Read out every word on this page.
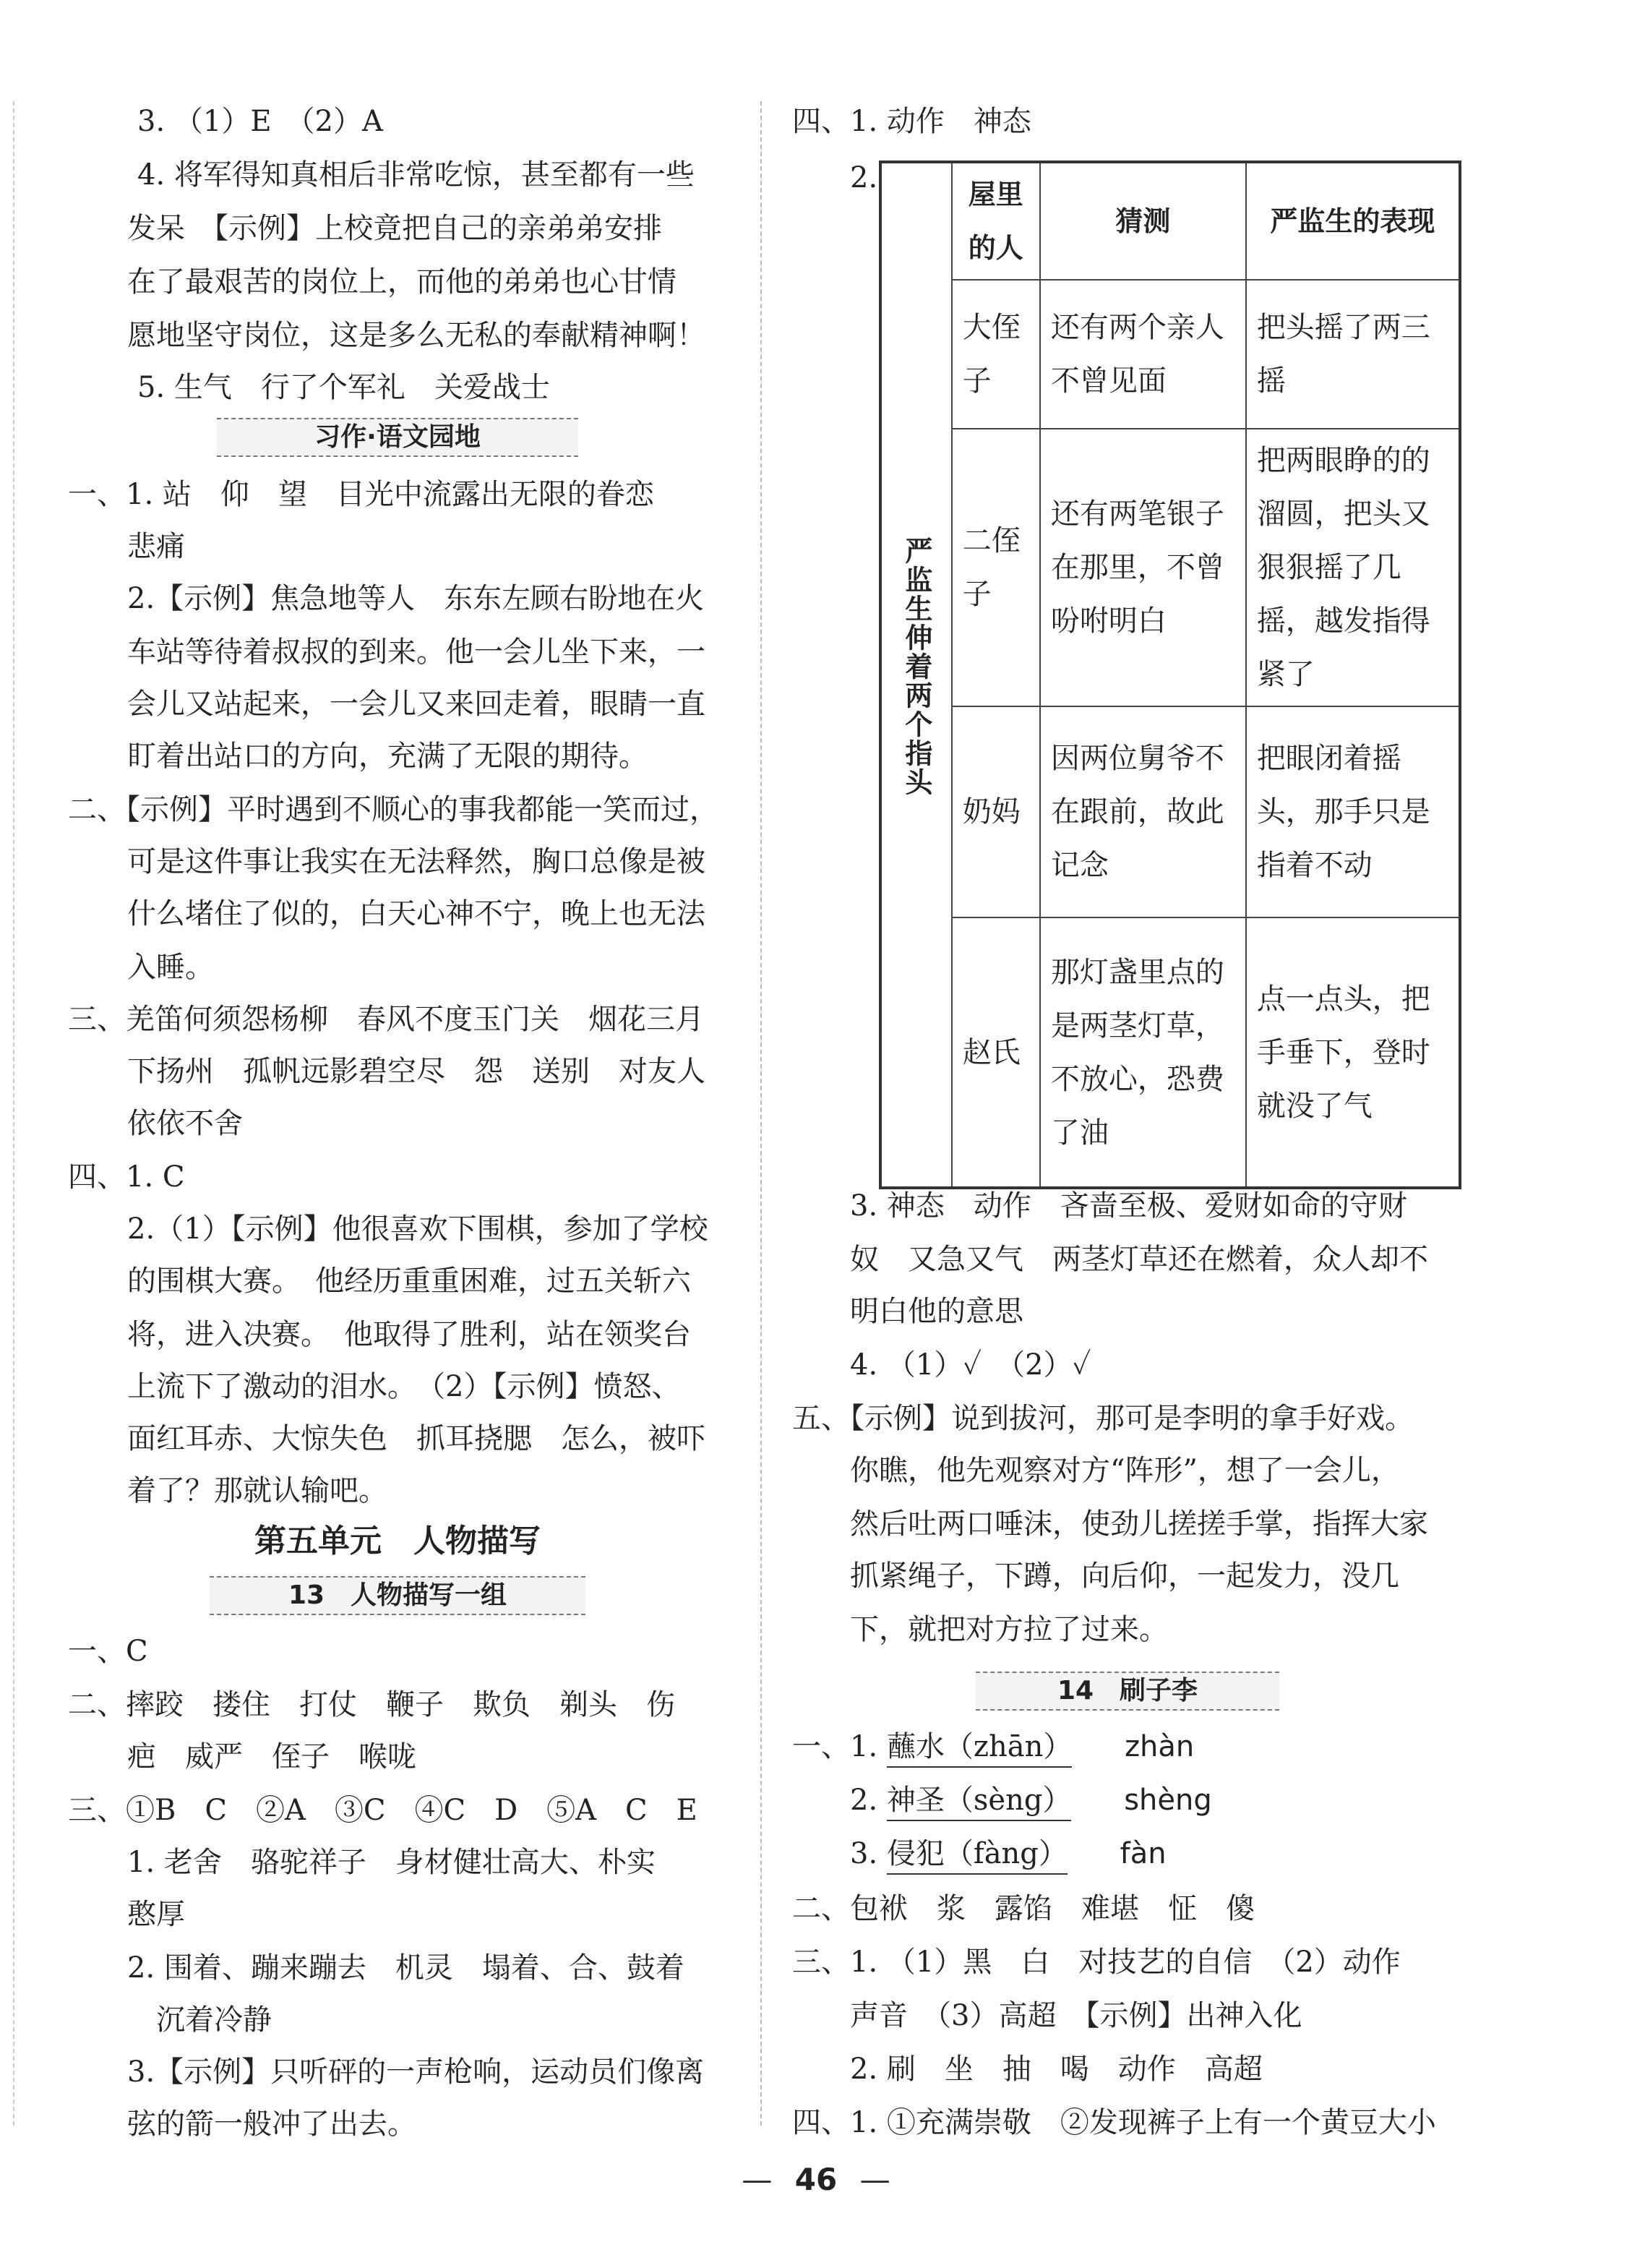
3. （1）E　（2）A
4. 将军得知真相后非常吃惊，甚至都有一些
发呆　【示例】上校竟把自己的亲弟弟安排
在了最艰苦的岗位上，而他的弟弟也心甘情
愿地坚守岗位，这是多么无私的奉献精神啊！
5. 生气　行了个军礼　关爱战士
习作·语文园地
一、1. 站　仰　望　目光中流露出无限的眷恋
悲痛
2.【示例】焦急地等人　东东左顾右盼地在火
车站等待着叔叔的到来。他一会儿坐下来，一
会儿又站起来，一会儿又来回走着，眼睛一直
盯着出站口的方向，充满了无限的期待。
二、【示例】平时遇到不顺心的事我都能一笑而过，
可是这件事让我实在无法释然，胸口总像是被
什么堵住了似的，白天心神不宁，晚上也无法
入睡。
三、羌笛何须怨杨柳　春风不度玉门关　烟花三月
下扬州　孤帆远影碧空尽　怨　送别　对友人
依依不舍
四、1. C
2.（1）【示例】他很喜欢下围棋，参加了学校
的围棋大赛。　他经历重重困难，过五关斩六
将，进入决赛。　他取得了胜利，站在领奖台
上流下了激动的泪水。　（2）【示例】愤怒、
面红耳赤、大惊失色　抓耳挠腮　怎么，被吓
着了？那就认输吧。
第五单元　人物描写
13　人物描写一组
一、C
二、摔跤　搂住　打仗　鞭子　欺负　剃头　伤
疤　威严　侄子　喉咙
三、①B　C　②A　③C　④C　D　⑤A　C　E
1. 老舍　骆驼祥子　身材健壮高大、朴实
憨厚
2. 围着、蹦来蹦去　机灵　塌着、合、鼓着
沉着冷静
3.【示例】只听砰的一声枪响，运动员们像离
弦的箭一般冲了出去。
四、1. 动作　神态
2.
严监生伸着两个指头	屋里的人	猜测	严监生的表现
	大侄子	还有两个亲人不曾见面	把头摇了两三摇
	二侄子	还有两笔银子在那里，不曾吩咐明白	把两眼睁的的溜圆，把头又狠狠摇了几摇，越发指得紧了
	奶妈	因两位舅爷不在跟前，故此记念	把眼闭着摇头，那手只是指着不动
	赵氏	那灯盏里点的是两茎灯草，不放心，恐费了油	点一点头，把手垂下，登时就没了气
3. 神态　动作　吝啬至极、爱财如命的守财
奴　又急又气　两茎灯草还在燃着，众人却不
明白他的意思
4. （1）✓　（2）✓
五、【示例】说到拔河，那可是李明的拿手好戏。
你瞧，他先观察对方“阵形”，想了一会儿，
然后吐两口唾沫，使劲儿搓搓手掌，指挥大家
抓紧绳子，下蹲，向后仰，一起发力，没几
下，就把对方拉了过来。
14　刷子李
一、1. 蘸水（zhān） zhàn
2. 神圣（sèng） shèng
3. 侵犯（fàng） fàn
二、包袱　浆　露馅　难堪　怔　傻
三、1. （1）黑　白　对技艺的自信　（2）动作
声音　（3）高超　【示例】出神入化
2. 刷　坐　抽　喝　动作　高超
四、1. ①充满崇敬　②发现裤子上有一个黄豆大小
— 46 —
